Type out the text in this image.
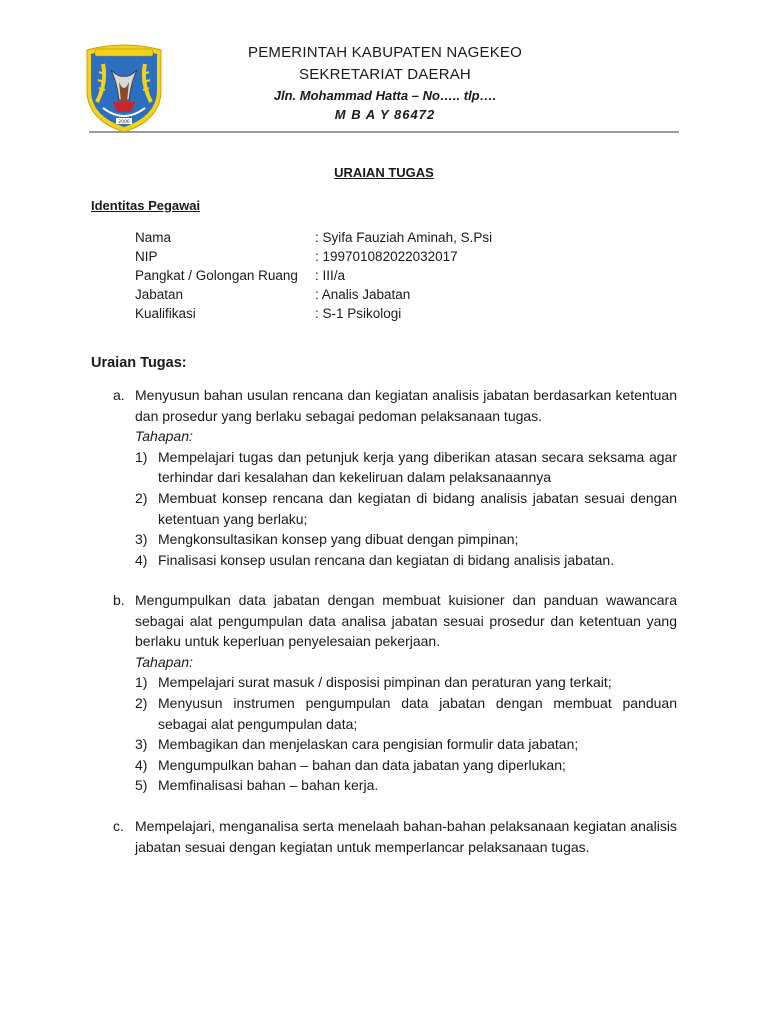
2006
PEMERINTAH KABUPATEN NAGEKEO
SEKRETARIAT DAERAH
Jln. Mohammad Hatta – No….. tlp….
M B A Y 86472
URAIAN TUGAS
Identitas Pegawai
Nama	: Syifa Fauziah Aminah, S.Psi
NIP	: 199701082022032017
Pangkat / Golongan Ruang : III/a
Jabatan	: Analis Jabatan
Kualifikasi	: S-1 Psikologi
Uraian Tugas:
a. Menyusun bahan usulan rencana dan kegiatan analisis jabatan berdasarkan ketentuan dan prosedur yang berlaku sebagai pedoman pelaksanaan tugas.
Tahapan:
1) Mempelajari tugas dan petunjuk kerja yang diberikan atasan secara seksama agar terhindar dari kesalahan dan kekeliruan dalam pelaksanaannya
2) Membuat konsep rencana dan kegiatan di bidang analisis jabatan sesuai dengan ketentuan yang berlaku;
3) Mengkonsultasikan konsep yang dibuat dengan pimpinan;
4) Finalisasi konsep usulan rencana dan kegiatan di bidang analisis jabatan.
b. Mengumpulkan data jabatan dengan membuat kuisioner dan panduan wawancara sebagai alat pengumpulan data analisa jabatan sesuai prosedur dan ketentuan yang berlaku untuk keperluan penyelesaian pekerjaan.
Tahapan:
1) Mempelajari surat masuk / disposisi pimpinan dan peraturan yang terkait;
2) Menyusun instrumen pengumpulan data jabatan dengan membuat panduan sebagai alat pengumpulan data;
3) Membagikan dan menjelaskan cara pengisian formulir data jabatan;
4) Mengumpulkan bahan – bahan dan data jabatan yang diperlukan;
5) Memfinalisasi bahan – bahan kerja.
c. Mempelajari, menganalisa serta menelaah bahan-bahan pelaksanaan kegiatan analisis jabatan sesuai dengan kegiatan untuk memperlancar pelaksanaan tugas.
